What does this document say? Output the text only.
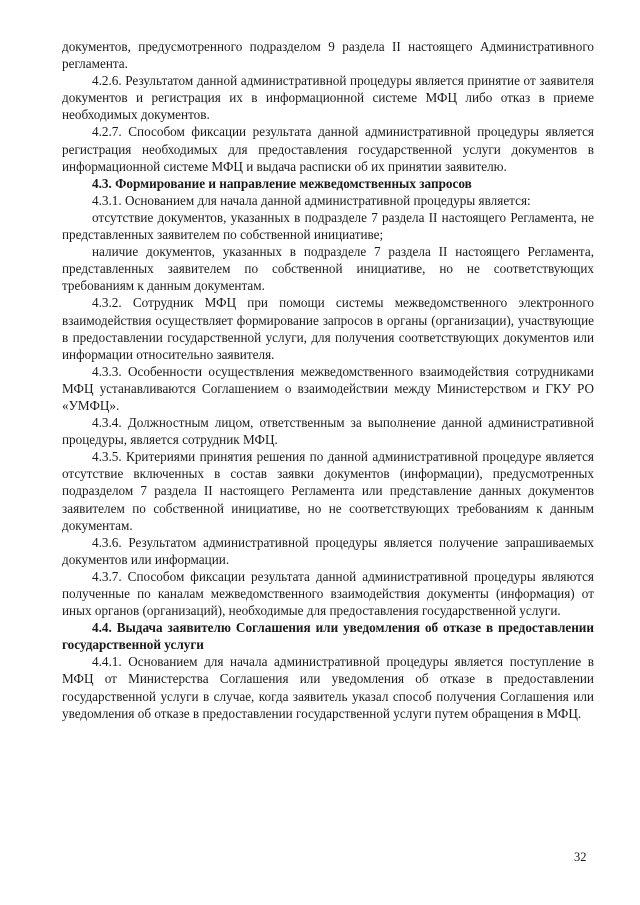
документов, предусмотренного подразделом 9 раздела II настоящего Административного регламента.

4.2.6. Результатом данной административной процедуры является принятие от заявителя документов и регистрация их в информационной системе МФЦ либо отказ в приеме необходимых документов.

4.2.7. Способом фиксации результата данной административной процедуры является регистрация необходимых для предоставления государственной услуги документов в информационной системе МФЦ и выдача расписки об их принятии заявителю.

4.3. Формирование и направление межведомственных запросов

4.3.1. Основанием для начала данной административной процедуры является:

отсутствие документов, указанных в подразделе 7 раздела II настоящего Регламента, не представленных заявителем по собственной инициативе;

наличие документов, указанных в подразделе 7 раздела II настоящего Регламента, представленных заявителем по собственной инициативе, но не соответствующих требованиям к данным документам.

4.3.2. Сотрудник МФЦ при помощи системы межведомственного электронного взаимодействия осуществляет формирование запросов в органы (организации), участвующие в предоставлении государственной услуги, для получения соответствующих документов или информации относительно заявителя.

4.3.3. Особенности осуществления межведомственного взаимодействия сотрудниками МФЦ устанавливаются Соглашением о взаимодействии между Министерством и ГКУ РО «УМФЦ».

4.3.4. Должностным лицом, ответственным за выполнение данной административной процедуры, является сотрудник МФЦ.

4.3.5. Критериями принятия решения по данной административной процедуре является отсутствие включенных в состав заявки документов (информации), предусмотренных подразделом 7 раздела II настоящего Регламента или представление данных документов заявителем по собственной инициативе, но не соответствующих требованиям к данным документам.

4.3.6. Результатом административной процедуры является получение запрашиваемых документов или информации.

4.3.7. Способом фиксации результата данной административной процедуры являются полученные по каналам межведомственного взаимодействия документы (информация) от иных органов (организаций), необходимые для предоставления государственной услуги.

4.4. Выдача заявителю Соглашения или уведомления об отказе в предоставлении государственной услуги

4.4.1. Основанием для начала административной процедуры является поступление в МФЦ от Министерства Соглашения или уведомления об отказе в предоставлении государственной услуги в случае, когда заявитель указал способ получения Соглашения или уведомления об отказе в предоставлении государственной услуги путем обращения в МФЦ.

32
